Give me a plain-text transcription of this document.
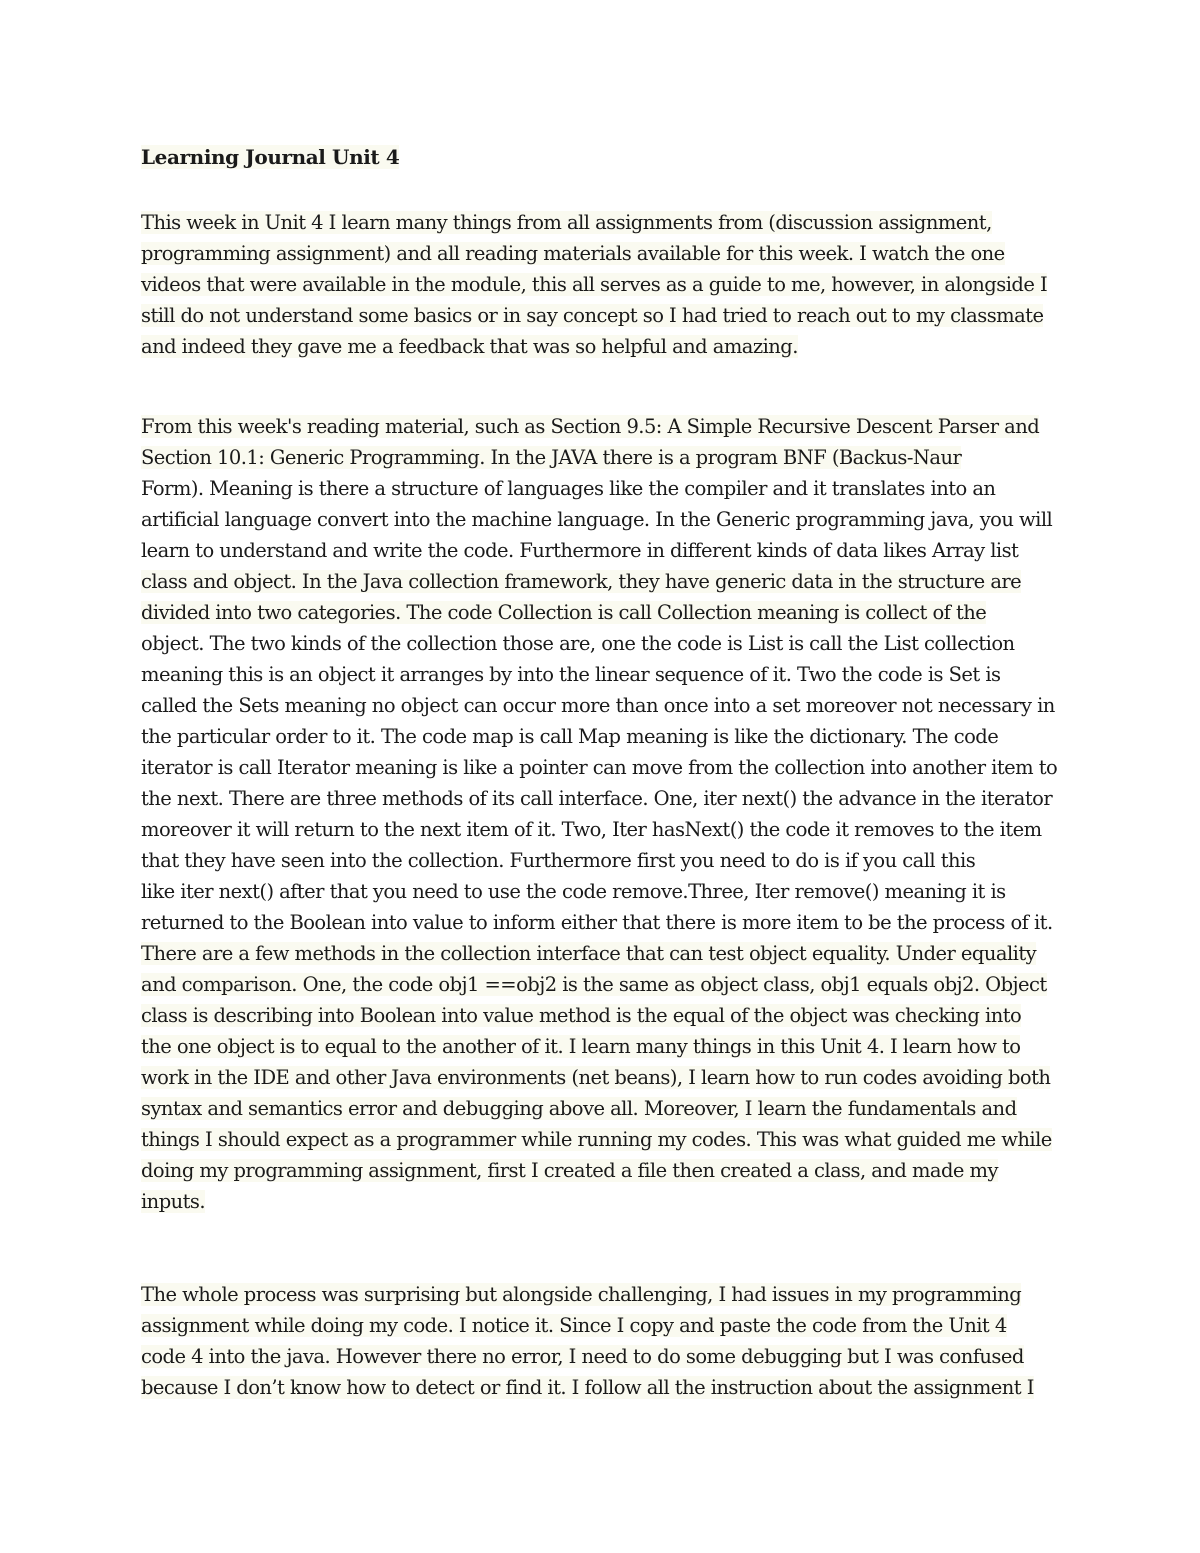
Learning Journal Unit 4
This week in Unit 4 I learn many things from all assignments from (discussion assignment,
programming assignment) and all reading materials available for this week. I watch the one
videos that were available in the module, this all serves as a guide to me, however, in alongside I
still do not understand some basics or in say concept so I had tried to reach out to my classmate
and indeed they gave me a feedback that was so helpful and amazing.
From this week's reading material, such as Section 9.5: A Simple Recursive Descent Parser and
Section 10.1: Generic Programming. In the JAVA there is a program BNF (Backus-Naur
Form). Meaning is there a structure of languages like the compiler and it translates into an
artificial language convert into the machine language. In the Generic programming java, you will
learn to understand and write the code. Furthermore in different kinds of data likes Array list
class and object. In the Java collection framework, they have generic data in the structure are
divided into two categories. The code Collection is call Collection meaning is collect of the
object. The two kinds of the collection those are, one the code is List is call the List collection
meaning this is an object it arranges by into the linear sequence of it. Two the code is Set is
called the Sets meaning no object can occur more than once into a set moreover not necessary in
the particular order to it. The code map is call Map meaning is like the dictionary. The code
iterator is call Iterator meaning is like a pointer can move from the collection into another item to
the next. There are three methods of its call interface. One, iter next() the advance in the iterator
moreover it will return to the next item of it. Two, Iter hasNext() the code it removes to the item
that they have seen into the collection. Furthermore first you need to do is if you call this
like iter next() after that you need to use the code remove.Three, Iter remove() meaning it is
returned to the Boolean into value to inform either that there is more item to be the process of it.
There are a few methods in the collection interface that can test object equality. Under equality
and comparison. One, the code obj1 ==obj2 is the same as object class, obj1 equals obj2. Object
class is describing into Boolean into value method is the equal of the object was checking into
the one object is to equal to the another of it. I learn many things in this Unit 4. I learn how to
work in the IDE and other Java environments (net beans), I learn how to run codes avoiding both
syntax and semantics error and debugging above all. Moreover, I learn the fundamentals and
things I should expect as a programmer while running my codes. This was what guided me while
doing my programming assignment, first I created a file then created a class, and made my
inputs.
The whole process was surprising but alongside challenging, I had issues in my programming
assignment while doing my code. I notice it. Since I copy and paste the code from the Unit 4
code 4 into the java. However there no error, I need to do some debugging but I was confused
because I don’t know how to detect or find it. I follow all the instruction about the assignment I
